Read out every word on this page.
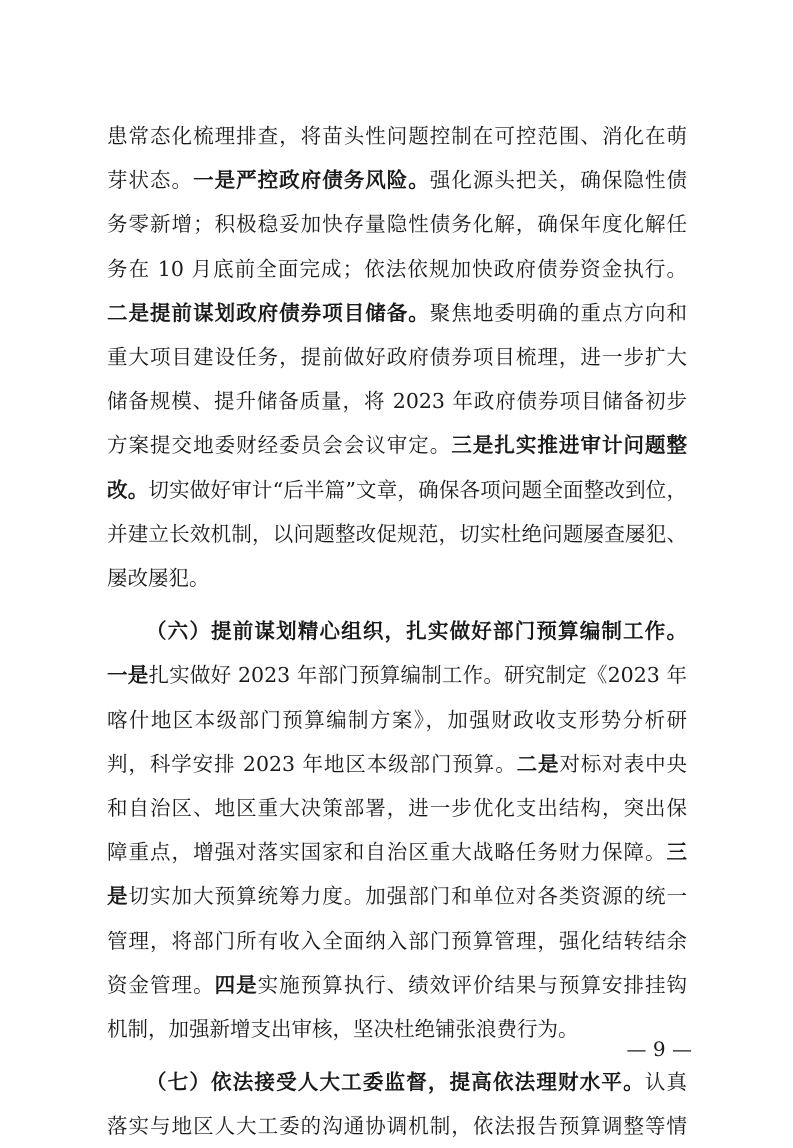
患常态化梳理排查，将苗头性问题控制在可控范围、消化在萌
芽状态。一是严控政府债务风险。强化源头把关，确保隐性债
务零新增；积极稳妥加快存量隐性债务化解，确保年度化解任
务在 10 月底前全面完成；依法依规加快政府债券资金执行。
二是提前谋划政府债券项目储备。聚焦地委明确的重点方向和
重大项目建设任务，提前做好政府债券项目梳理，进一步扩大
储备规模、提升储备质量，将 2023 年政府债券项目储备初步
方案提交地委财经委员会会议审定。三是扎实推进审计问题整
改。切实做好审计“后半篇”文章，确保各项问题全面整改到位，
并建立长效机制，以问题整改促规范，切实杜绝问题屡查屡犯、
屡改屡犯。
（六）提前谋划精心组织，扎实做好部门预算编制工作。
一是扎实做好 2023 年部门预算编制工作。研究制定《2023 年
喀什地区本级部门预算编制方案》，加强财政收支形势分析研
判，科学安排 2023 年地区本级部门预算。二是对标对表中央
和自治区、地区重大决策部署，进一步优化支出结构，突出保
障重点，增强对落实国家和自治区重大战略任务财力保障。三
是切实加大预算统筹力度。加强部门和单位对各类资源的统一
管理，将部门所有收入全面纳入部门预算管理，强化结转结余
资金管理。四是实施预算执行、绩效评价结果与预算安排挂钩
机制，加强新增支出审核，坚决杜绝铺张浪费行为。
（七）依法接受人大工委监督，提高依法理财水平。认真
落实与地区人大工委的沟通协调机制，依法报告预算调整等情
— 9 —
